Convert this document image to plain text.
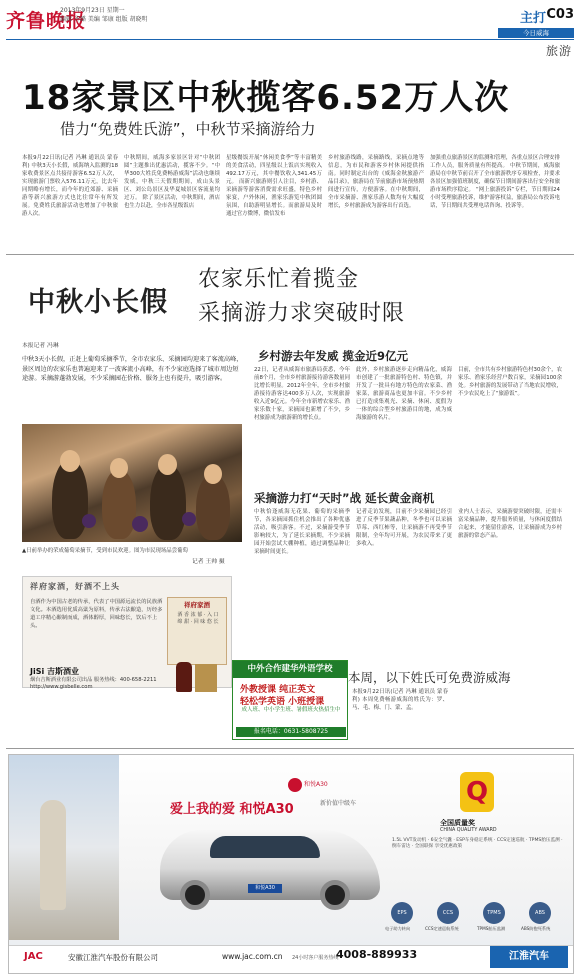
齐鲁晚报
2013年9月23日 星期一
编辑 齐璐 美编 邹康 组版 胡晓明	主打 C03
今日威海
旅游
18家景区中秋揽客6.52万人次
借力“免费姓氏游”，中秋节采摘游给力
本报9月22日讯(记者 冯琳 通讯员 蒙春利) 中秋3天小长假，威海纳入监测的18家收费景区点共接待游客6.52万人次，实现旅游门票收入576.11万元，比去年同期略有增长，而今年的近郊游、采摘游等新兴旅游方式也比往常年有所发展。免费姓氏旅游活动也增加了中秋旅游人次。
中秋期间，威海多家景区针对“中秋团圆”主题推出优惠活动，揽客不少。“中华300大姓氏免费畅游威海”活动也继续发威，中秋三天假期期间，成山头景区、刘公岛景区及华夏城景区客流量均过万。 除了景区活动，中秋期间，酒店也生力以赴，全市各星级饭店
星级餐饭开展“休闲美食季”等丰富精美的美食活动，四星级以上饭店实现收入492.17万元，其中餐饮收入341.45万元。 而新兴旅游则引人注目，乡村游、采摘游等游客消费需求旺盛，特色乡村家宴，户外休闲，渔家乐游览中秋团圆氛围，自助游明显增长。而旅游局及时通过官方微博，微信发布
乡村旅游线路，采摘路线，采摘点地等信息，为市民和游客乡村休闲提供指南。同时制定出台的《威海金秋旅游产品目录》，旅游局在节前旅游市场预热期间进行宣传，方便游客。在中秋期间，全市采摘游、渔家乐游人数均有大幅度增长，乡村旅游成为游客出行首选。
加强重点旅游景区的监测和管理，各重点景区合理安排工作人员，服务质量有所提高。 中秋节期间，威海旅游局在中秋节前召开了全市旅游秩序专项检查，并要求各景区加强值班制度，确保节日期间游客出行安全和旅游市场秩序稳定。 “网上旅游投诉”专栏，节日期间24小时受理旅游投诉，维护游客权益，旅游局公布投诉电话，节日期间共受理电话咨询、投诉等。
中秋小长假
农家乐忙着揽金
采摘游力求突破时限
本报记者 冯琳
中秋3天小长假，正赶上葡萄采摘季节，全市农家乐、采摘园均迎来了客流高峰，景区周边的农家乐也普遍迎来了一波客流小高峰，有不少家庭选择了城市周边短途游。采摘游蓬勃发展，不少采摘园在价格、服务上也有提升，吸引游客。
▲日前举办的荣成葡萄采摘节，受到市民欢迎。图为市民现场品尝葡萄
记者 王帅 摄
乡村游去年发威 揽金近9亿元
22日，记者从威海市旅游局获悉，今年前8个月，全市乡村旅游接待游客数量同比增长明显。2012年全年，全市乡村旅游接待游客达400多万人次，实现旅游收入近9亿元。今年全市新增农家乐、渔家乐数十家，采摘园也新增了不少，乡村旅游成为旅游新的增长点。
此外，乡村旅游逐步走向精品化，威海市创建了一批旅游特色村、特色镇，并开发了一批具有地方特色的农家菜、渔家菜，旅游商品也更加丰富。不少乡村已打造成集观光、采摘、休闲、度假为一体的综合型乡村旅游目的地，成为威海旅游的名片。
目前，全市共有乡村旅游特色村30余个，农家乐、渔家乐经营户数百家，采摘园100余处。乡村旅游的发展带动了当地农民增收，不少农民吃上了“旅游饭”。
采摘游力打“天时”战 延长黄金商机
中秋恰逢威海无花果、葡萄的采摘季节，各采摘园抓住机会推出了各种优惠活动，吸引游客。不过，采摘游受季节影响较大，为了延长采摘期，不少采摘园开始尝试大棚种植，通过调整品种让采摘时间更长。
记者走访发现，目前不少采摘园已经引进了反季节果蔬品种，冬季也可以采摘草莓、西红柿等，让采摘游不再受季节限制，全年均可开展，为农民带来了更多收入。
业内人士表示，采摘游要突破时限，还需丰富采摘品种，提升服务质量，与休闲度假结合起来，才能留住游客，让采摘游成为乡村旅游的常态产品。
祥府家酒，好酒不上头
自酒作为中国古老的传承，代表了中国源远流长的民族酒文化。本酒选用优质高粱为原料，传承古法酿造，历经多道工序精心酿制而成，酒体醇厚，回味悠长，饮后不上头。
祥府家酒
酒 香 浓 郁 · 入 口 绵 甜 · 回 味 悠 长
JiSi 吉斯酒业
烟台吉斯酒业有限公司出品 服务热线：400-658-2211 http://www.gisbelle.com
中外合作建华外语学校
外教授课 纯正英文
轻松学英语 小班授课
成人班、中小学生班、暑假班火热招生中
报名电话：0631-5808725
本周，以下姓氏可免费游威海
本报9月22日讯(记者 冯琳 通讯员 蒙春利) 本周免费畅游威海的姓氏为：罗、马、毛、梅、门、蒙、孟。
和悦A30
爱上我的爱 和悦A30	新价值中级车
和悦A30
Q
全国质量奖
CHINA QUALITY AWARD
1.5L VVT发动机 · 6安全气囊 · ESP车身稳定系统 · CCS定速巡航 · TPMS胎压监测 · 倒车雷达 · 全国联保 享受优惠政策
EPS	CCS	TPMS	ABS
电子助力转向	CCS定速巡航系统	TPMS胎压监测	ABS防抱死系统
JAC	安徽江淮汽车股份有限公司	www.jac.com.cn 24小时客户服务热线
4008-889933	江淮汽车
